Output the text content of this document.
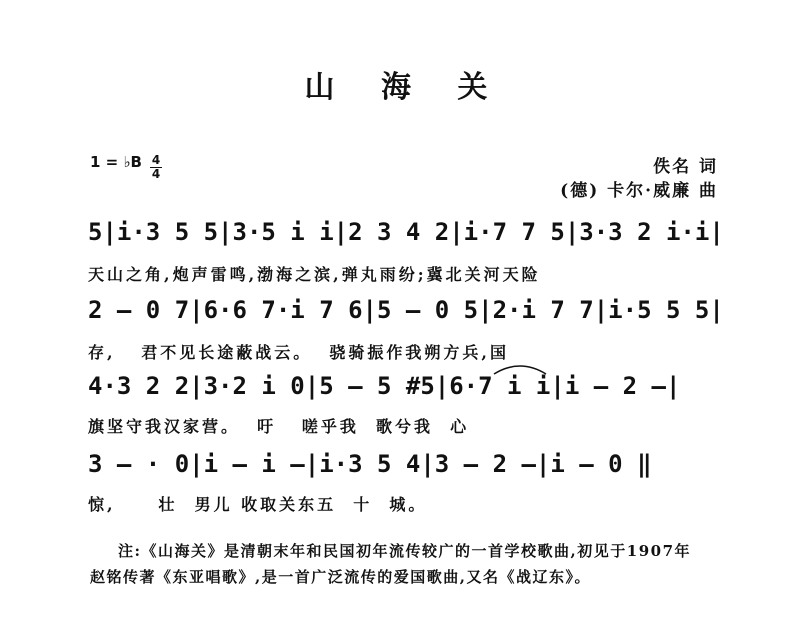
山 海 关
1 = ♭B 4
4	佚名 词
(德) 卡尔·威廉 曲
5|i·3 5 5|3·5 i i|2 3 4 2|i·7 7 5|3·3 2 i·i|
天山之角,炮声雷鸣,渤海之滨,弹丸雨纷;冀北关河天险
2 — 0 7|6·6 7·i 7 6|5 — 0 5|2·i 7 7|i·5 5 5|
存,   君不见长途蔽战云。  骁骑振作我朔方兵,国
4·3 2 2|3·2 i 0|5 — 5 #5|6·7 i i|i — 2 —|
旗坚守我汉家营。  吁   嗟乎我  歌兮我  心
3 — · 0|i — i —|i·3 5 4|3 — 2 —|i — 0 ‖
惊,     壮  男儿 收取关东五  十  城。
注:《山海关》是清朝末年和民国初年流传较广的一首学校歌曲,初见于1907年
赵铭传著《东亚唱歌》,是一首广泛流传的爱国歌曲,又名《战辽东》。
